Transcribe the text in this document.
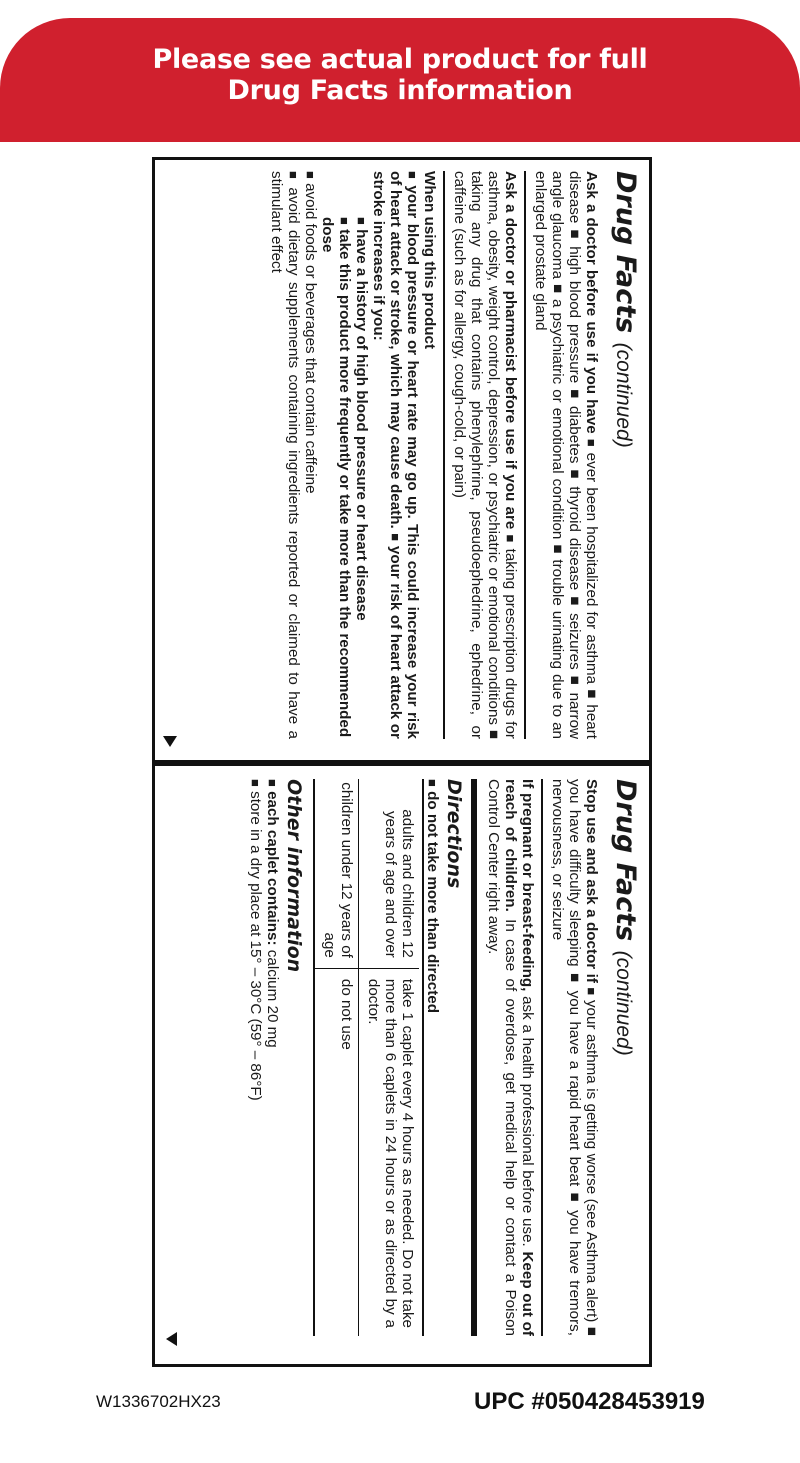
Please see actual product for full
Drug Facts information
Drug Facts (continued)

Ask a doctor before use if you have ■ ever been hospitalized for asthma ■ heart disease ■ high blood pressure ■ diabetes ■ thyroid disease ■ seizures ■ narrow angle glaucoma ■ a psychiatric or emotional condition ■ trouble urinating due to an enlarged prostate gland

Ask a doctor or pharmacist before use if you are ■ taking prescription drugs for asthma, obesity, weight control, depression, or psychiatric or emotional conditions ■ taking any drug that contains phenylephrine, pseudoephedrine, ephedrine, or caffeine (such as for allergy, cough-cold, or pain)

When using this product

■ your blood pressure or heart rate may go up. This could increase your risk of heart attack or stroke, which may cause death. ■ your risk of heart attack or stroke increases if you:

■ have a history of high blood pressure or heart disease

■ take this product more frequently or take more than the recommended dose

■ avoid foods or beverages that contain caffeine

■ avoid dietary supplements containing ingredients reported or claimed to have a stimulant effect

Drug Facts (continued)

Stop use and ask a doctor if ■ your asthma is getting worse (see Asthma alert) ■ you have difficulty sleeping ■ you have a rapid heart beat ■ you have tremors, nervousness, or seizure

If pregnant or breast-feeding, ask a health professional before use. Keep out of reach of children. In case of overdose, get medical help or contact a Poison Control Center right away.

Directions

■ do not take more than directed

adults and children 12 years of age and over	take 1 caplet every 4 hours as needed. Do not take more than 6 caplets in 24 hours or as directed by a doctor.
children under 12 years of age	do not use
Other information

■ each caplet contains: calcium 20 mg

■ store in a dry place at 15° – 30°C (59° – 86°F)

W1336702HX23	UPC #050428453919
